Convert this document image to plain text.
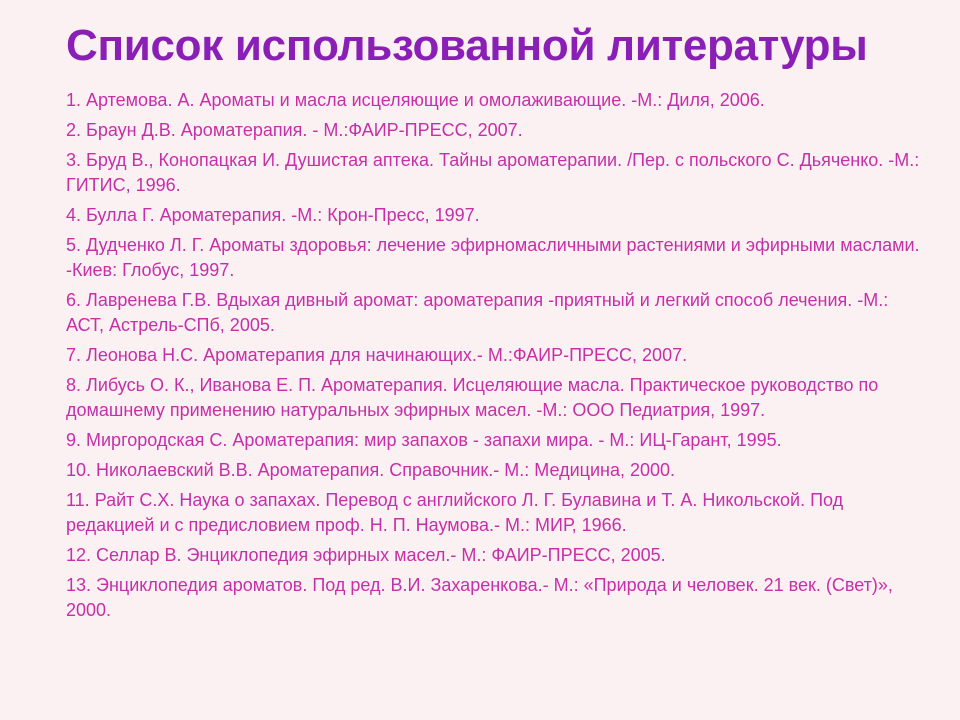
Список использованной литературы
1. Артемова. А. Ароматы и масла исцеляющие и омолаживающие. -М.: Диля, 2006.
2. Браун Д.В. Ароматерапия. - М.:ФАИР-ПРЕСС, 2007.
3. Бруд В., Конопацкая И. Душистая аптека. Тайны ароматерапии. /Пер. с польского С. Дьяченко. -М.: ГИТИС, 1996.
4. Булла Г. Ароматерапия. -М.: Крон-Пресс, 1997.
5. Дудченко Л. Г. Ароматы здоровья: лечение эфирномасличными растениями и эфирными маслами. -Киев: Глобус, 1997.
6. Лавренева Г.В. Вдыхая дивный аромат: ароматерапия -приятный и легкий способ лечения. -М.: АСТ, Астрель-СПб, 2005.
7. Леонова Н.С. Ароматерапия для начинающих.- М.:ФАИР-ПРЕСС, 2007.
8. Либусь О. К., Иванова Е. П. Ароматерапия. Исцеляющие масла. Практическое руководство по домашнему применению натуральных эфирных масел. -М.: ООО Педиатрия, 1997.
9. Миргородская С. Ароматерапия: мир запахов - запахи мира. - М.: ИЦ-Гарант, 1995.
10. Николаевский В.В. Ароматерапия. Справочник.- М.: Медицина, 2000.
11. Райт С.Х. Наука о запахах. Перевод с английского Л. Г. Булавина и Т. А. Никольской. Под редакцией и с предисловием проф. Н. П. Наумова.- М.: МИР, 1966.
12. Селлар В. Энциклопедия эфирных масел.- М.: ФАИР-ПРЕСС, 2005.
13. Энциклопедия ароматов. Под ред. В.И. Захаренкова.- М.: «Природа и человек. 21 век. (Свет)», 2000.
